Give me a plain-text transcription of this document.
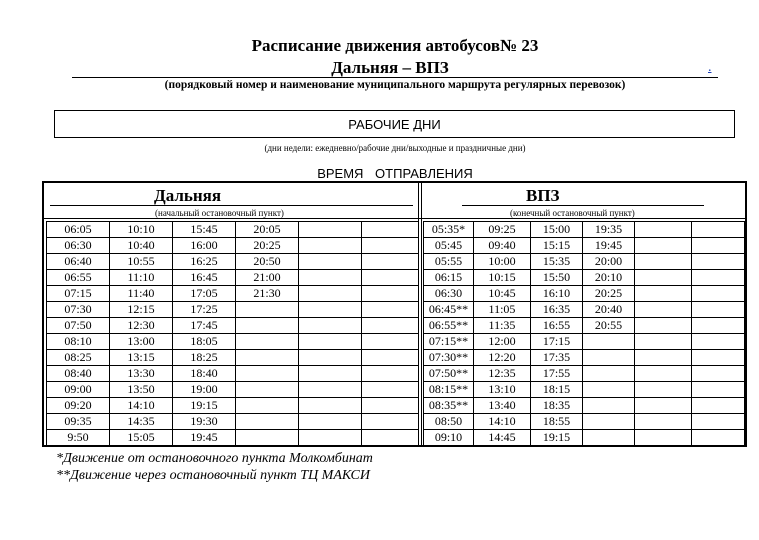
Расписание движения автобусов№ 23
Дальняя – ВПЗ	.
(порядковый номер и наименование муниципального маршрута регулярных перевозок)
РАБОЧИЕ ДНИ
(дни недели: ежедневно/рабочие дни/выходные и праздничные дни)
ВРЕМЯ ОТПРАВЛЕНИЯ
Дальняя
(начальный остановочный пункт)
ВПЗ
(конечный остановочный пункт)
06:05	10:10	15:45	20:05		
06:30	10:40	16:00	20:25		
06:40	10:55	16:25	20:50		
06:55	11:10	16:45	21:00		
07:15	11:40	17:05	21:30		
07:30	12:15	17:25			
07:50	12:30	17:45			
08:10	13:00	18:05			
08:25	13:15	18:25			
08:40	13:30	18:40			
09:00	13:50	19:00			
09:20	14:10	19:15			
09:35	14:35	19:30			
9:50	15:05	19:45			
05:35*	09:25	15:00	19:35		
05:45	09:40	15:15	19:45		
05:55	10:00	15:35	20:00		
06:15	10:15	15:50	20:10		
06:30	10:45	16:10	20:25		
06:45**	11:05	16:35	20:40		
06:55**	11:35	16:55	20:55		
07:15**	12:00	17:15			
07:30**	12:20	17:35			
07:50**	12:35	17:55			
08:15**	13:10	18:15			
08:35**	13:40	18:35			
08:50	14:10	18:55			
09:10	14:45	19:15			
*Движение от остановочного пункта Молкомбинат
**Движение через остановочный пункт ТЦ МАКСИ
